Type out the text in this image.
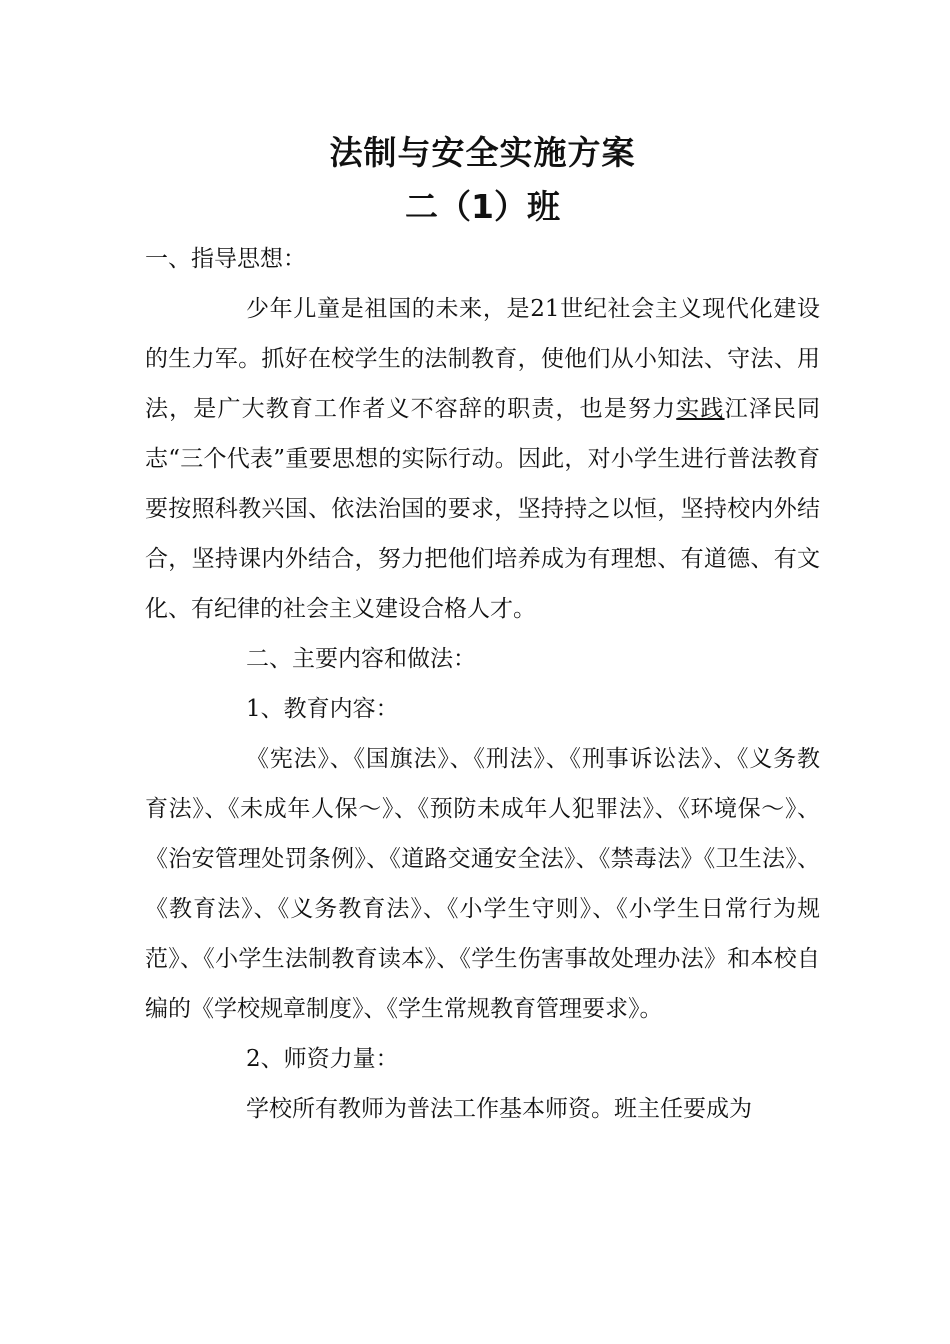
法制与安全实施方案
二（1）班

一、指导思想：

少年儿童是祖国的未来，是21世纪社会主义现代化建设的生力军。抓好在校学生的法制教育，使他们从小知法、守法、用法，是广大教育工作者义不容辞的职责，也是努力实践江泽民同志“三个代表”重要思想的实际行动。因此，对小学生进行普法教育要按照科教兴国、依法治国的要求，坚持持之以恒，坚持校内外结合，坚持课内外结合，努力把他们培养成为有理想、有道德、有文化、有纪律的社会主义建设合格人才。

二、主要内容和做法：

1、教育内容：

《宪法》、《国旗法》、《刑法》、《刑事诉讼法》、《义务教育法》、《未成年人保～》、《预防未成年人犯罪法》、《环境保～》、《治安管理处罚条例》、《道路交通安全法》、《禁毒法》《卫生法》、《教育法》、《义务教育法》、《小学生守则》、《小学生日常行为规范》、《小学生法制教育读本》、《学生伤害事故处理办法》和本校自编的《学校规章制度》、《学生常规教育管理要求》。

2、师资力量：

学校所有教师为普法工作基本师资。班主任要成为
